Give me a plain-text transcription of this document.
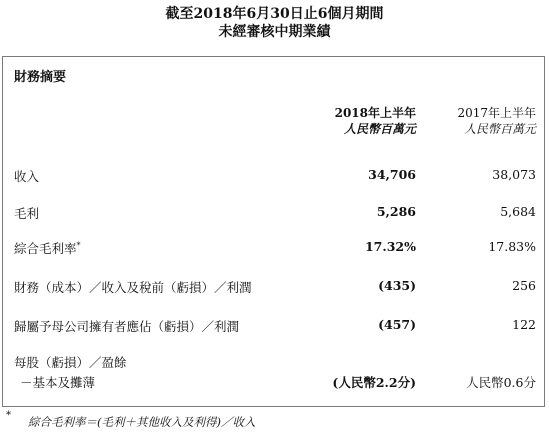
截至2018年6月30日止6個月期間
未經審核中期業績
財務摘要
2018年上半年
人民幣百萬元
2017年上半年
人民幣百萬元
收入	34,706	38,073
毛利	5,286	5,684
綜合毛利率*	17.32%	17.83%
財務（成本）／收入及稅前（虧損）／利潤	(435)	256
歸屬予母公司擁有者應佔（虧損）／利潤	(457)	122
每股（虧損）／盈餘
－基本及攤薄	(人民幣2.2分)	人民幣0.6分
* 綜合毛利率＝(毛利＋其他收入及利得)／收入
